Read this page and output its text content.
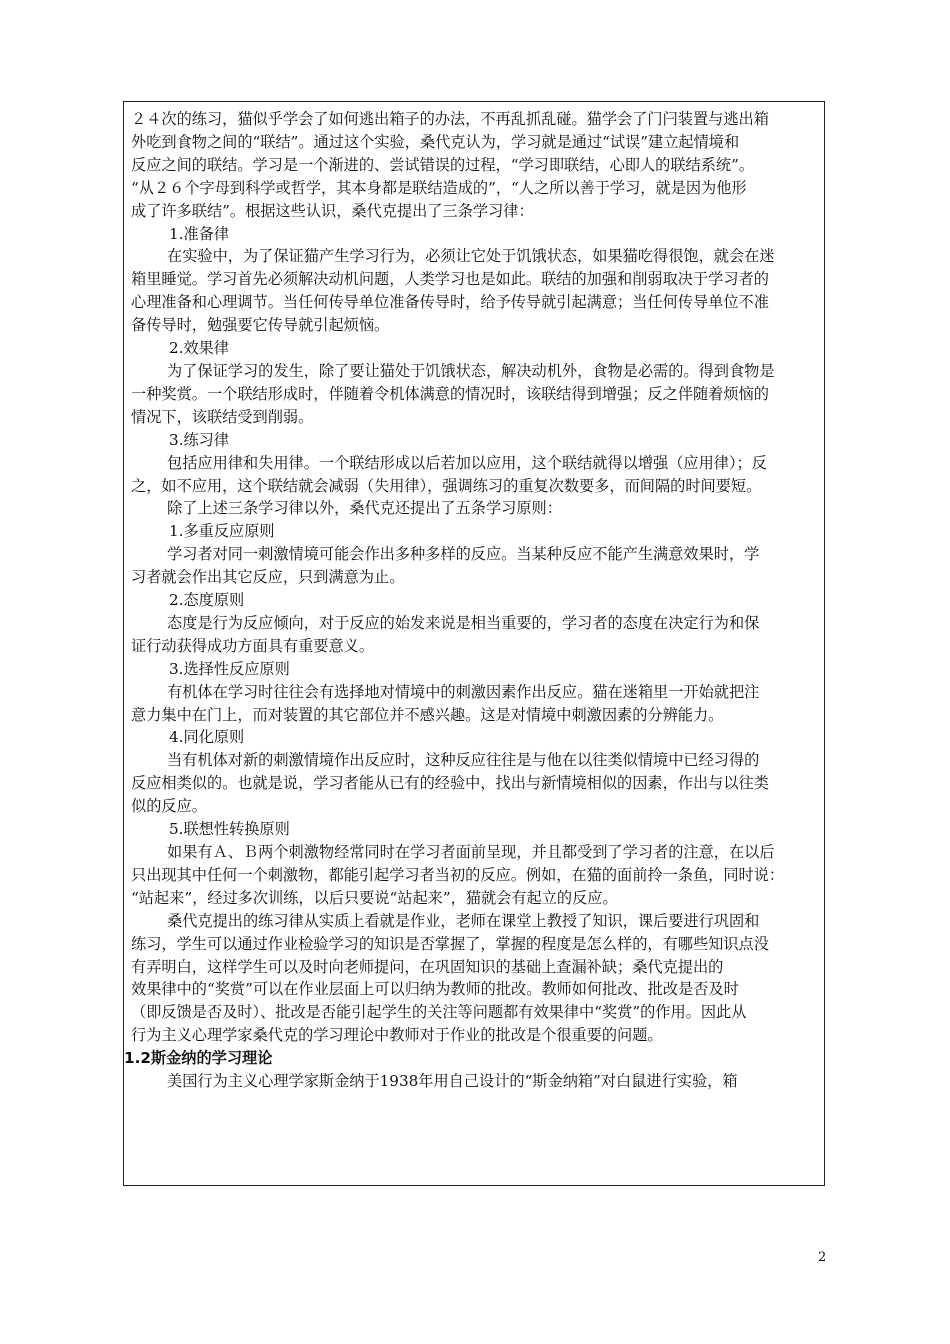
２４次的练习，猫似乎学会了如何逃出箱子的办法，不再乱抓乱碰。猫学会了门闩装置与逃出箱

外吃到食物之间的“联结”。通过这个实验，桑代克认为，学习就是通过“试误”建立起情境和

反应之间的联结。学习是一个渐进的、尝试错误的过程，“学习即联结，心即人的联结系统”。

“从２６个字母到科学或哲学，其本身都是联结造成的”，“人之所以善于学习，就是因为他形

成了许多联结”。根据这些认识，桑代克提出了三条学习律：

1.准备律

在实验中，为了保证猫产生学习行为，必须让它处于饥饿状态，如果猫吃得很饱，就会在迷

箱里睡觉。学习首先必须解决动机问题，人类学习也是如此。联结的加强和削弱取决于学习者的

心理准备和心理调节。当任何传导单位准备传导时，给予传导就引起满意；当任何传导单位不准

备传导时，勉强要它传导就引起烦恼。

2.效果律

为了保证学习的发生，除了要让猫处于饥饿状态，解决动机外，食物是必需的。得到食物是

一种奖赏。一个联结形成时，伴随着令机体满意的情况时，该联结得到增强；反之伴随着烦恼的

情况下，该联结受到削弱。

3.练习律

包括应用律和失用律。一个联结形成以后若加以应用，这个联结就得以增强（应用律）；反

之，如不应用，这个联结就会减弱（失用律），强调练习的重复次数要多，而间隔的时间要短。

除了上述三条学习律以外，桑代克还提出了五条学习原则：

1.多重反应原则

学习者对同一刺激情境可能会作出多种多样的反应。当某种反应不能产生满意效果时，学

习者就会作出其它反应，只到满意为止。

2.态度原则

态度是行为反应倾向，对于反应的始发来说是相当重要的，学习者的态度在决定行为和保

证行动获得成功方面具有重要意义。

3.选择性反应原则

有机体在学习时往往会有选择地对情境中的刺激因素作出反应。猫在迷箱里一开始就把注

意力集中在门上，而对装置的其它部位并不感兴趣。这是对情境中刺激因素的分辨能力。

4.同化原则

当有机体对新的刺激情境作出反应时，这种反应往往是与他在以往类似情境中已经习得的

反应相类似的。也就是说，学习者能从已有的经验中，找出与新情境相似的因素，作出与以往类

似的反应。

5.联想性转换原则

如果有Ａ、Ｂ两个刺激物经常同时在学习者面前呈现，并且都受到了学习者的注意，在以后

只出现其中任何一个刺激物，都能引起学习者当初的反应。例如，在猫的面前拎一条鱼，同时说：

“站起来”，经过多次训练，以后只要说“站起来”，猫就会有起立的反应。

桑代克提出的练习律从实质上看就是作业，老师在课堂上教授了知识，课后要进行巩固和

练习，学生可以通过作业检验学习的知识是否掌握了，掌握的程度是怎么样的，有哪些知识点没

有弄明白，这样学生可以及时向老师提问，在巩固知识的基础上查漏补缺；桑代克提出的

效果律中的“奖赏”可以在作业层面上可以归纳为教师的批改。教师如何批改、批改是否及时

（即反馈是否及时）、批改是否能引起学生的关注等问题都有效果律中“奖赏”的作用。因此从

行为主义心理学家桑代克的学习理论中教师对于作业的批改是个很重要的问题。

1.2斯金纳的学习理论

美国行为主义心理学家斯金纳于1938年用自己设计的“斯金纳箱”对白鼠进行实验，箱

2
